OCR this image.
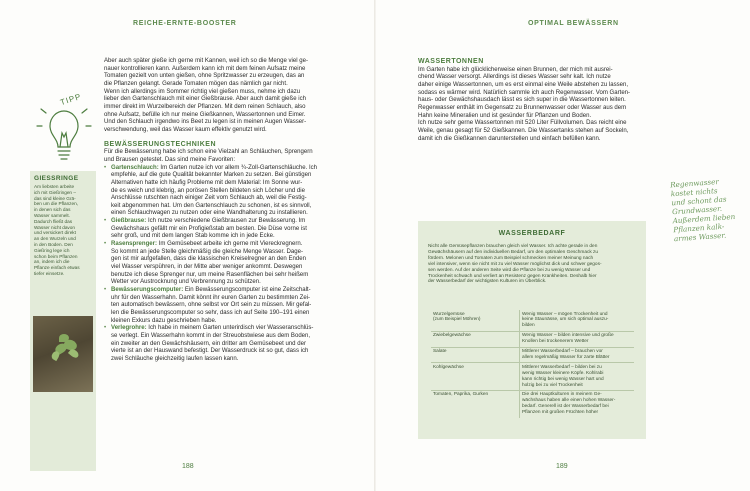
REICHE-ERNTE-BOOSTER
TIPP
GIESSRINGE
Am liebsten arbeite
ich mit Gießringen –
das sind kleine Grä-
ben um die Pflanzen,
in denen sich das
Wasser sammelt.
Dadurch fließt das
Wasser nicht davon
und versickert direkt
an den Wurzeln und
in den Boden. Den
Gießring lege ich
schon beim Pflanzen
an, indem ich die
Pflanze einfach etwas
tiefer einsetze.

Aber auch später gieße ich gerne mit Kannen, weil ich so die Menge viel ge-
nauer kontrollieren kann. Außerdem kann ich mit dem feinen Aufsatz meine
Tomaten gezielt von unten gießen, ohne Spritzwasser zu erzeugen, das an
die Pflanzen gelangt. Gerade Tomaten mögen das nämlich gar nicht.
Wenn ich allerdings im Sommer richtig viel gießen muss, nehme ich dazu
lieber den Gartenschlauch mit einer Gießbrause. Aber auch damit gieße ich
immer direkt im Wurzelbereich der Pflanzen. Mit dem reinen Schlauch, also
ohne Aufsatz, befülle ich nur meine Gießkannen, Wassertonnen und Eimer.
Und den Schlauch irgendwo ins Beet zu legen ist in meinen Augen Wasser-
verschwendung, weil das Wasser kaum effektiv genutzt wird.

BEWÄSSERUNGSTECHNIKEN

Für die Bewässerung habe ich schon eine Vielzahl an Schläuchen, Sprengern
und Brausen getestet. Das sind meine Favoriten:

• Gartenschlauch: Im Garten nutze ich vor allem ¾-Zoll-Gartenschläuche. Ich
empfehle, auf die gute Qualität bekannter Marken zu setzen. Bei günstigen
Alternativen hatte ich häufig Probleme mit dem Material: Im Sonne wur-
de es weich und klebrig, an porösen Stellen bildeten sich Löcher und die
Anschlüsse rutschten nach einiger Zeit vom Schlauch ab, weil die Festig-
keit abgenommen hat. Um den Gartenschlauch zu schonen, ist es sinnvoll,
einen Schlauchwagen zu nutzen oder eine Wandhalterung zu installieren.
• Gießbrause: Ich nutze verschiedene Gießbrausen zur Bewässerung. Im
Gewächshaus gefällt mir ein Profigießstab am besten. Die Düse vorne ist
sehr groß, und mit dem langen Stab komme ich in jede Ecke.
• Rasensprenger: Im Gemüsebeet arbeite ich gerne mit Viereckregnern.
So kommt an jede Stelle gleichmäßig die gleiche Menge Wasser. Dage-
gen ist mir aufgefallen, dass die klassischen Kreiselregner an den Enden
viel Wasser verspühren, in der Mitte aber weniger ankommt. Deswegen
benutze ich diese Sprenger nur, um meine Rasenflächen bei sehr heißem
Wetter vor Austrocknung und Verbrennung zu schützen.
• Bewässerungscomputer: Ein Bewässerungscomputer ist eine Zeitschalt-
uhr für den Wasserhahn. Damit könnt ihr euren Garten zu bestimmten Zei-
ten automatisch bewässern, ohne selbst vor Ort sein zu müssen. Mir gefal-
len die Bewässerungscomputer so sehr, dass ich auf Seite 190–191 einen
kleinen Exkurs dazu geschrieben habe.
• Verlegrohre: Ich habe in meinem Garten unterirdisch vier Wasseranschlüs-
se verlegt. Ein Wasserhahn kommt in der Streuobstwiese aus dem Boden,
ein zweiter an den Gewächshäusern, ein dritter am Gemüsebeet und der
vierte ist an der Hauswand befestigt. Der Wasserdruck ist so gut, dass ich
zwei Schläuche gleichzeitig laufen lassen kann.
188
OPTIMAL BEWÄSSERN

WASSERTONNEN

Im Garten habe ich glücklicherweise einen Brunnen, der mich mit ausrei-
chend Wasser versorgt. Allerdings ist dieses Wasser sehr kalt. Ich nutze
daher einige Wassertonnen, um es erst einmal eine Weile abstehen zu lassen,
sodass es wärmer wird. Natürlich sammle ich auch Regenwasser. Vom Garten-
haus- oder Gewächshausdach lässt es sich super in die Wassertonnen leiten.
Regenwasser enthält im Gegensatz zu Brunnenwasser oder Wasser aus dem
Hahn keine Mineralien und ist gesünder für Pflanzen und Boden.
Ich nutze sehr gerne Wassertonnen mit 520 Liter Füllvolumen. Das reicht eine
Weile, genau gesagt für 52 Gießkannen. Die Wassertanks stehen auf Sockeln,
damit ich die Gießkannen darunterstellen und einfach befüllen kann.

Regenwasser
kostet nichts
und schont das
Grundwasser.
Außerdem lieben
Pflanzen kalk-
armes Wasser.
WASSERBEDARF
Nicht alle Gemüsepflanzen brauchen gleich viel Wasser. Ich achte gerade in den
Gewächshäusern auf den individuellen Bedarf, um den optimalen Geschmack zu
fördern. Melonen und Tomaten zum Beispiel schmecken meiner Meinung nach
viel intensiver, wenn sie nicht mit zu viel Wasser möglichst dick und schwer gegos-
sen werden. Auf der anderen Seite wird die Pflanze bei zu wenig Wasser und
Trockenheit schwach und verliert an Resistenz gegen Krankheiten. Deshalb hier
der Wasserbedarf der wichtigsten Kulturen im Überblick.
Wurzelgemüse
(zum Beispiel Möhren)	Wenig Wasser – mögen Trockenheit und
keine Staunässe, um sich optimal auszu-
bilden
Zwiebelgewächse	Wenig Wasser – bilden intensive und große
Knollen bei trockenerem Wetter
Salate	Mittlerer Wasserbedarf – brauchen vor
allem regelmäßig Wasser für zarte Blätter
Kohlgewächse	Mittlerer Wasserbedarf – bilden bei zu
wenig Wasser kleinere Köpfe. Kohlrabi
kann richtig bei wenig Wasser hart und
holzig bei zu viel Trockenheit
Tomaten, Paprika, Gurken	Die drei Hauptkulturen in meinem Ge-
wächshaus haben alle einen hohen Wasser-
bedarf. Generell ist der Wasserbedarf bei
Pflanzen mit großen Früchten höher
189
